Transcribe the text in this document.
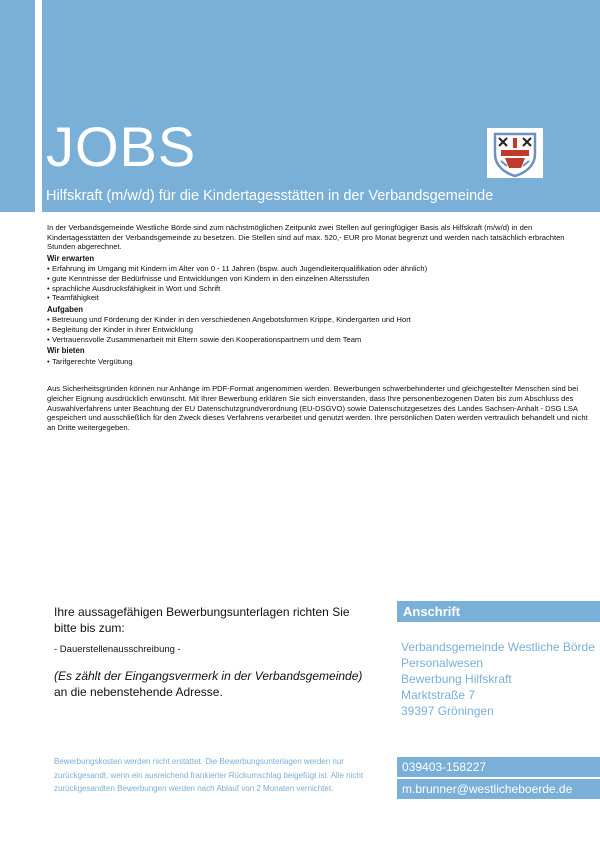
JOBS

Hilfskraft (m/w/d) für die Kindertagesstätten in der Verbandsgemeinde

In der Verbandsgemeinde Westliche Börde sind zum nächstmöglichen Zeitpunkt zwei Stellen auf geringfügiger Basis als Hilfskraft (m/w/d) in den Kindertagesstätten der Verbandsgemeinde zu besetzen. Die Stellen sind auf max. 520,- EUR pro Monat begrenzt und werden nach tatsächlich erbrachten Stunden abgerechnet.

Wir erwarten
• Erfahrung im Umgang mit Kindern im Alter von 0 - 11 Jahren (bspw. auch Jugendleiterqualifikation oder ähnlich)
• gute Kenntnisse der Bedürfnisse und Entwicklungen von Kindern in den einzelnen Altersstufen
• sprachliche Ausdrucksfähigkeit in Wort und Schrift
• Teamfähigkeit
Aufgaben
• Betreuung und Förderung der Kinder in den verschiedenen Angebotsformen Krippe, Kindergarten und Hort
• Begleitung der Kinder in ihrer Entwicklung
• Vertrauensvolle Zusammenarbeit mit Eltern sowie den Kooperationspartnern und dem Team
Wir bieten
• Tarifgerechte Vergütung

Aus Sicherheitsgründen können nur Anhänge im PDF-Format angenommen werden. Bewerbungen schwerbehinderter und gleichgestellter Menschen sind bei gleicher Eignung ausdrücklich erwünscht. Mit Ihrer Bewerbung erklären Sie sich einverstanden, dass Ihre personenbezogenen Daten bis zum Abschluss des Auswahlverfahrens unter Beachtung der EU Datenschutzgrundverordnung (EU-DSGVO) sowie Datenschutzgesetzes des Landes Sachsen-Anhalt - DSG LSA gespeichert und ausschließlich für den Zweck dieses Verfahrens verarbeitet und genutzt werden. Ihre persönlichen Daten werden vertraulich behandelt und nicht an Dritte weitergegeben.

Ihre aussagefähigen Bewerbungsunterlagen richten Sie bitte bis zum:

- Dauerstellenausschreibung -

(Es zählt der Eingangsvermerk in der Verbandsgemeinde)

an die nebenstehende Adresse.

Anschrift
Verbandsgemeinde Westliche Börde
Personalwesen
Bewerbung Hilfskraft
Marktstraße 7
39397 Gröningen

Bewerbungskosten werden nicht erstattet. Die Bewerbungsunterlagen werden nur zurückgesandt, wenn ein ausreichend frankierter Rückumschlag beigefügt ist. Alle nicht zurückgesandten Bewerbungen werden nach Ablauf von 2 Monaten vernichtet.

039403-158227
m.brunner@westlicheboerde.de
